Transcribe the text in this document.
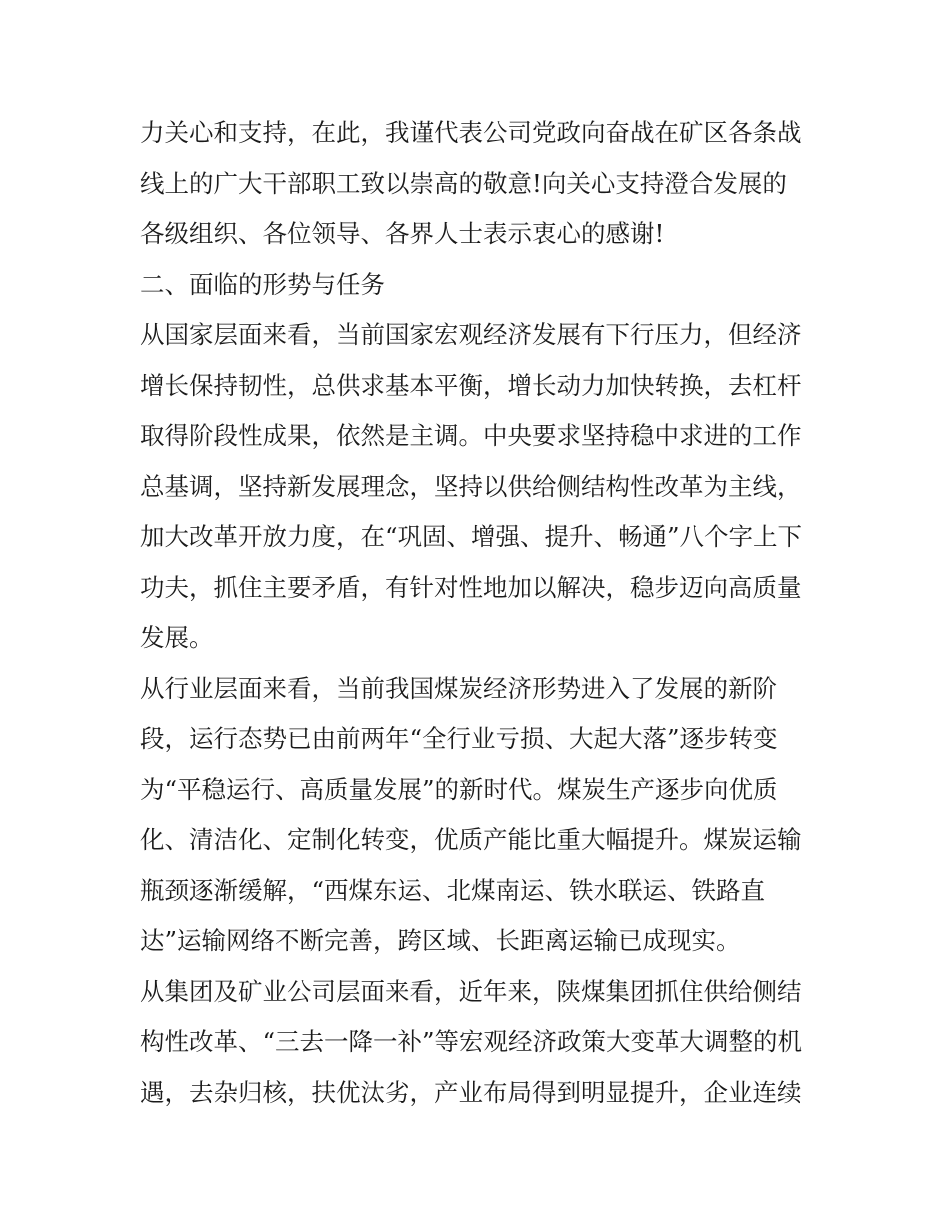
力关心和支持，在此，我谨代表公司党政向奋战在矿区各条战
线上的广大干部职工致以崇高的敬意!向关心支持澄合发展的
各级组织、各位领导、各界人士表示衷心的感谢!
二、面临的形势与任务
从国家层面来看，当前国家宏观经济发展有下行压力，但经济
增长保持韧性，总供求基本平衡，增长动力加快转换，去杠杆
取得阶段性成果，依然是主调。中央要求坚持稳中求进的工作
总基调，坚持新发展理念，坚持以供给侧结构性改革为主线，
加大改革开放力度，在“巩固、增强、提升、畅通”八个字上下
功夫，抓住主要矛盾，有针对性地加以解决，稳步迈向高质量
发展。
从行业层面来看，当前我国煤炭经济形势进入了发展的新阶
段，运行态势已由前两年“全行业亏损、大起大落”逐步转变
为“平稳运行、高质量发展”的新时代。煤炭生产逐步向优质
化、清洁化、定制化转变，优质产能比重大幅提升。煤炭运输
瓶颈逐渐缓解，“西煤东运、北煤南运、铁水联运、铁路直
达”运输网络不断完善，跨区域、长距离运输已成现实。
从集团及矿业公司层面来看，近年来，陕煤集团抓住供给侧结
构性改革、“三去一降一补”等宏观经济政策大变革大调整的机
遇，去杂归核，扶优汰劣，产业布局得到明显提升，企业连续
